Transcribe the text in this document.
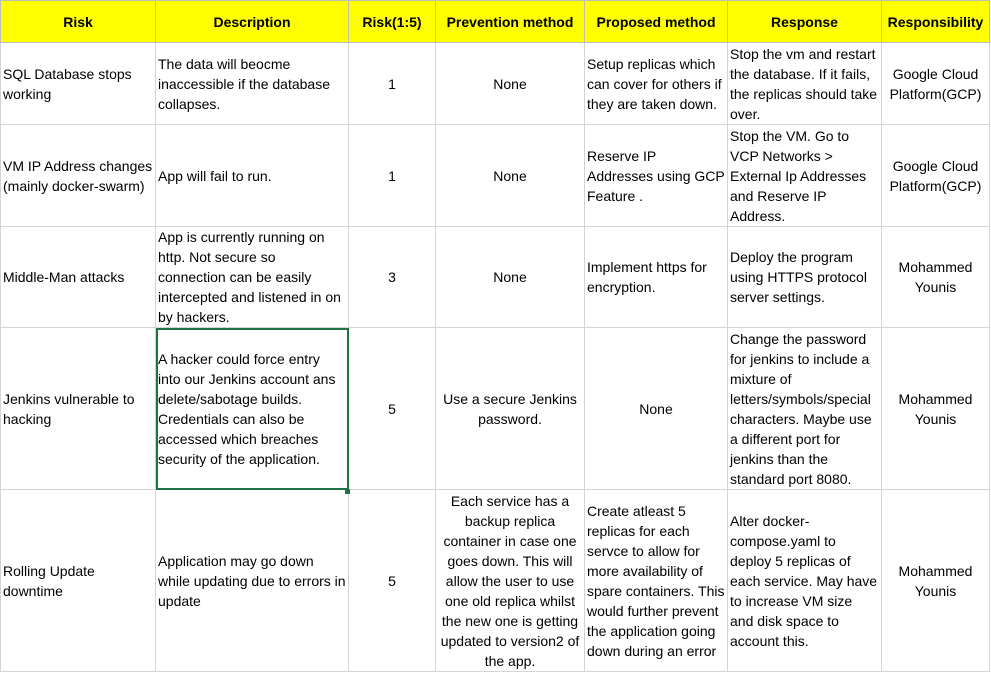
Risk	Description	Risk(1:5)	Prevention method	Proposed method	Response	Responsibility
SQL Database stops working	The data will beocme inaccessible if the database collapses.	1	None	Setup replicas which can cover for others if they are taken down.	Stop the vm and restart the database. If it fails, the replicas should take over.	Google Cloud Platform(GCP)
VM IP Address changes (mainly docker-swarm)	App will fail to run.	1	None	Reserve IP Addresses using GCP Feature .	Stop the VM. Go to VCP Networks > External Ip Addresses and Reserve IP Address.	Google Cloud Platform(GCP)
Middle-Man attacks	App is currently running on http. Not secure so connection can be easily intercepted and listened in on by hackers.	3	None	Implement https for encryption.	Deploy the program using HTTPS protocol server settings.	Mohammed Younis
Jenkins vulnerable to hacking	A hacker could force entry into our Jenkins account ans delete/sabotage builds. Credentials can also be accessed which breaches security of the application.	5	Use a secure Jenkins password.	None	Change the password for jenkins to include a mixture of letters/symbols/special characters. Maybe use a different port for jenkins than the standard port 8080.	Mohammed Younis
Rolling Update downtime	Application may go down while updating due to errors in update	5	Each service has a backup replica container in case one goes down. This will allow the user to use one old replica whilst the new one is getting updated to version2 of the app.	Create atleast 5 replicas for each servce to allow for more availability of spare containers. This would further prevent the application going down during an error	Alter docker-compose.yaml to deploy 5 replicas of each service. May have to increase VM size and disk space to account this.	Mohammed Younis
